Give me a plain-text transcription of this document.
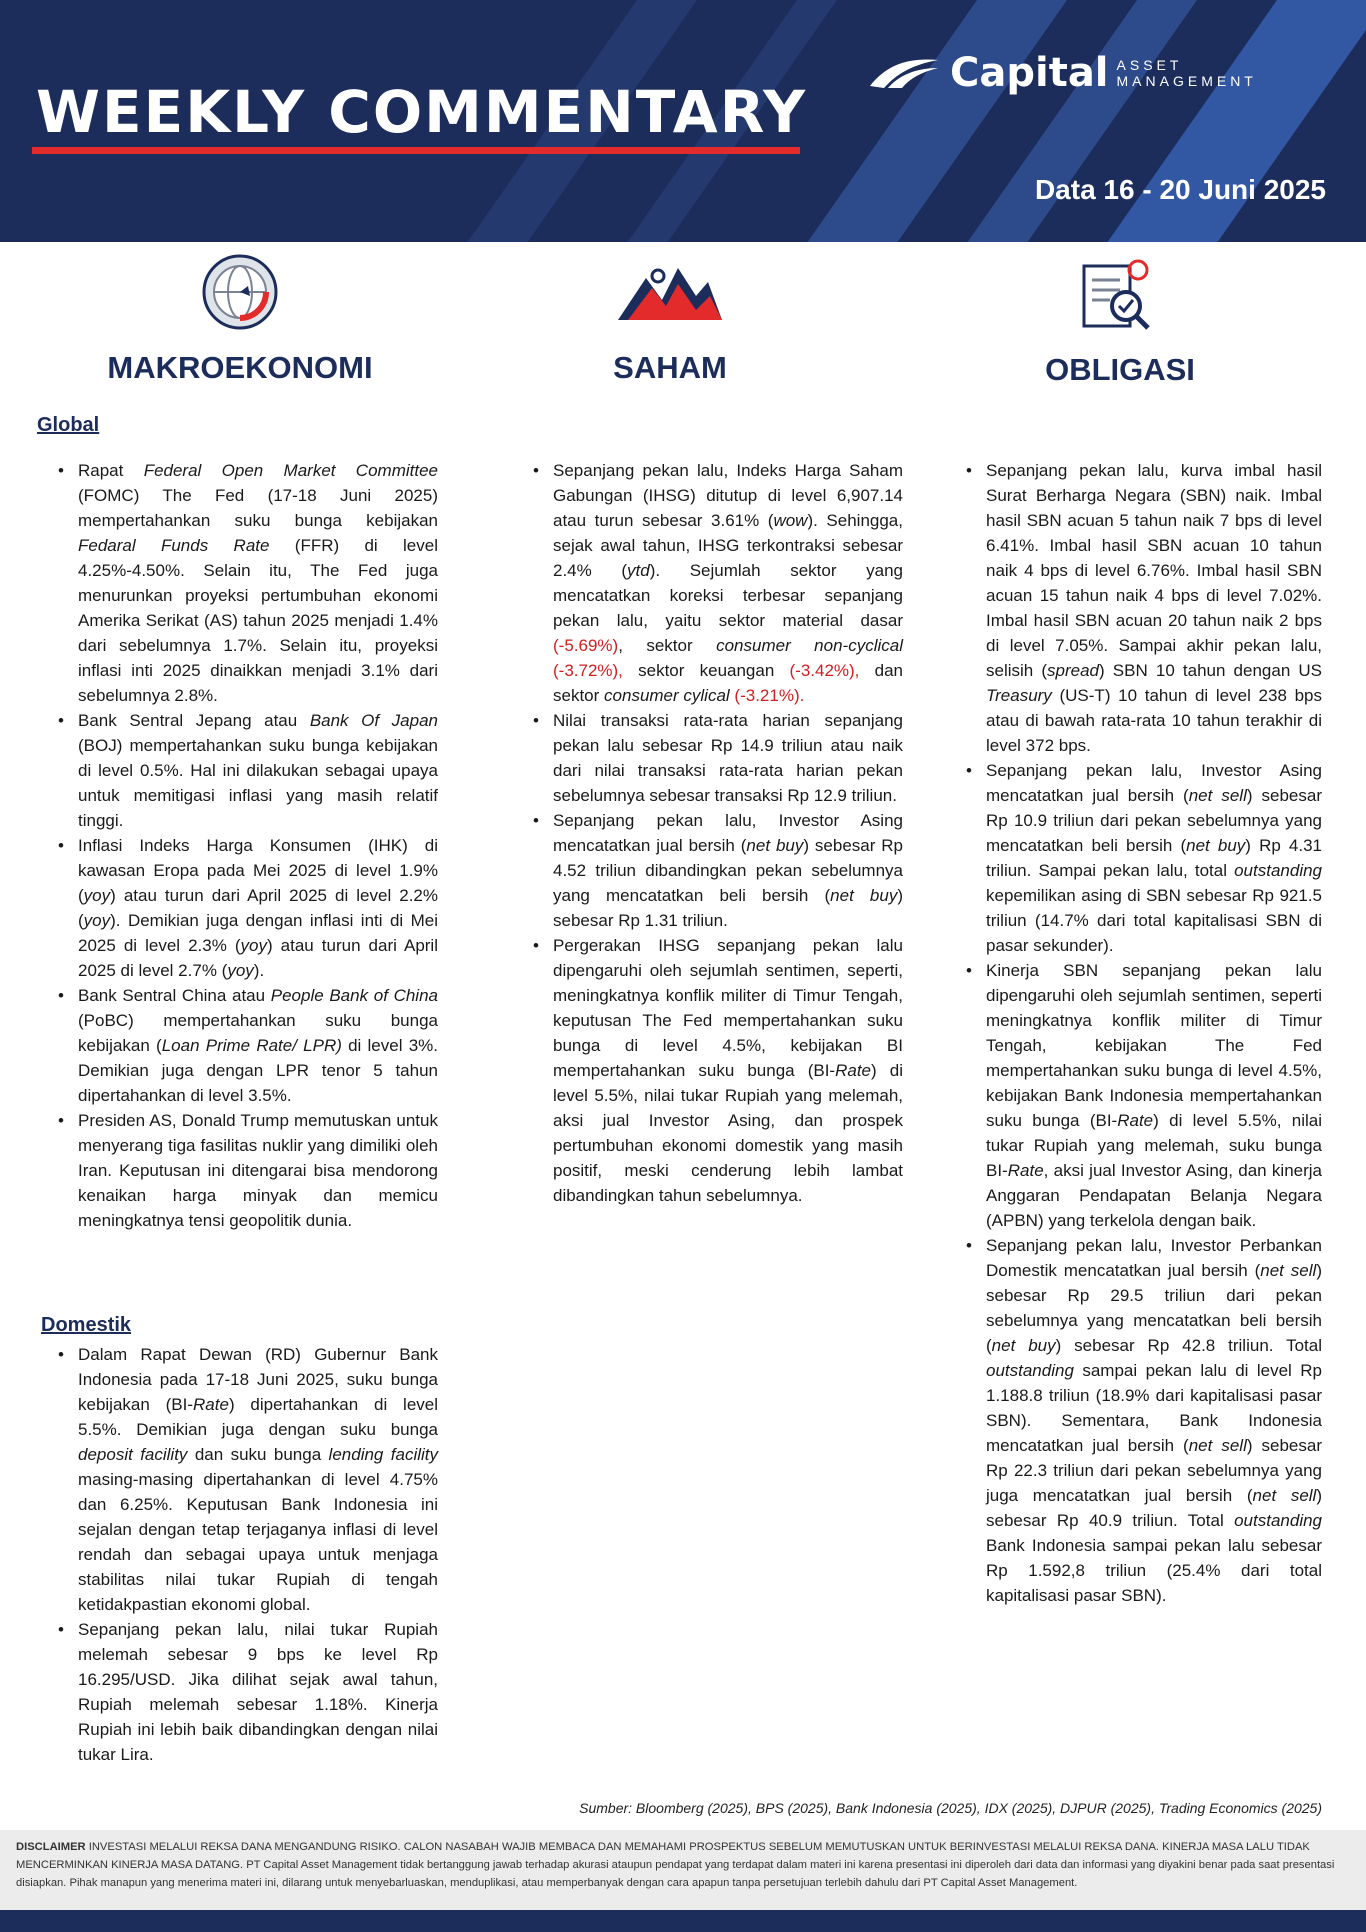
WEEKLY COMMENTARY
Capital ASSET
MANAGEMENT
Data 16 - 20 Juni 2025
MAKROEKONOMI	SAHAM	OBLIGASI
Global
• Rapat Federal Open Market Committee (FOMC) The Fed (17-18 Juni 2025) mempertahankan suku bunga kebijakan Fedaral Funds Rate (FFR) di level 4.25%-4.50%. Selain itu, The Fed juga menurunkan proyeksi pertumbuhan ekonomi Amerika Serikat (AS) tahun 2025 menjadi 1.4% dari sebelumnya 1.7%. Selain itu, proyeksi inflasi inti 2025 dinaikkan menjadi 3.1% dari sebelumnya 2.8%.
• Bank Sentral Jepang atau Bank Of Japan (BOJ) mempertahankan suku bunga kebijakan di level 0.5%. Hal ini dilakukan sebagai upaya untuk memitigasi inflasi yang masih relatif tinggi.
• Inflasi Indeks Harga Konsumen (IHK) di kawasan Eropa pada Mei 2025 di level 1.9% (yoy) atau turun dari April 2025 di level 2.2% (yoy). Demikian juga dengan inflasi inti di Mei 2025 di level 2.3% (yoy) atau turun dari April 2025 di level 2.7% (yoy).
• Bank Sentral China atau People Bank of China (PoBC) mempertahankan suku bunga kebijakan (Loan Prime Rate/ LPR) di level 3%. Demikian juga dengan LPR tenor 5 tahun dipertahankan di level 3.5%.
• Presiden AS, Donald Trump memutuskan untuk menyerang tiga fasilitas nuklir yang dimiliki oleh Iran. Keputusan ini ditengarai bisa mendorong kenaikan harga minyak dan memicu meningkatnya tensi geopolitik dunia.
Domestik
• Dalam Rapat Dewan (RD) Gubernur Bank Indonesia pada 17-18 Juni 2025, suku bunga kebijakan (BI-Rate) dipertahankan di level 5.5%. Demikian juga dengan suku bunga deposit facility dan suku bunga lending facility masing-masing dipertahankan di level 4.75% dan 6.25%. Keputusan Bank Indonesia ini sejalan dengan tetap terjaganya inflasi di level rendah dan sebagai upaya untuk menjaga stabilitas nilai tukar Rupiah di tengah ketidakpastian ekonomi global.
• Sepanjang pekan lalu, nilai tukar Rupiah melemah sebesar 9 bps ke level Rp 16.295/USD. Jika dilihat sejak awal tahun, Rupiah melemah sebesar 1.18%. Kinerja Rupiah ini lebih baik dibandingkan dengan nilai tukar Lira.
• Sepanjang pekan lalu, Indeks Harga Saham Gabungan (IHSG) ditutup di level 6,907.14 atau turun sebesar 3.61% (wow). Sehingga, sejak awal tahun, IHSG terkontraksi sebesar 2.4% (ytd). Sejumlah sektor yang mencatatkan koreksi terbesar sepanjang pekan lalu, yaitu sektor material dasar (-5.69%), sektor consumer non-cyclical (-3.72%), sektor keuangan (-3.42%), dan sektor consumer cylical (-3.21%).
• Nilai transaksi rata-rata harian sepanjang pekan lalu sebesar Rp 14.9 triliun atau naik dari nilai transaksi rata-rata harian pekan sebelumnya sebesar transaksi Rp 12.9 triliun.
• Sepanjang pekan lalu, Investor Asing mencatatkan jual bersih (net buy) sebesar Rp 4.52 triliun dibandingkan pekan sebelumnya yang mencatatkan beli bersih (net buy) sebesar Rp 1.31 triliun.
• Pergerakan IHSG sepanjang pekan lalu dipengaruhi oleh sejumlah sentimen, seperti, meningkatnya konflik militer di Timur Tengah, keputusan The Fed mempertahankan suku bunga di level 4.5%, kebijakan BI mempertahankan suku bunga (BI-Rate) di level 5.5%, nilai tukar Rupiah yang melemah, aksi jual Investor Asing, dan prospek pertumbuhan ekonomi domestik yang masih positif, meski cenderung lebih lambat dibandingkan tahun sebelumnya.
• Sepanjang pekan lalu, kurva imbal hasil Surat Berharga Negara (SBN) naik. Imbal hasil SBN acuan 5 tahun naik 7 bps di level 6.41%. Imbal hasil SBN acuan 10 tahun naik 4 bps di level 6.76%. Imbal hasil SBN acuan 15 tahun naik 4 bps di level 7.02%. Imbal hasil SBN acuan 20 tahun naik 2 bps di level 7.05%. Sampai akhir pekan lalu, selisih (spread) SBN 10 tahun dengan US Treasury (US-T) 10 tahun di level 238 bps atau di bawah rata-rata 10 tahun terakhir di level 372 bps.
• Sepanjang pekan lalu, Investor Asing mencatatkan jual bersih (net sell) sebesar Rp 10.9 triliun dari pekan sebelumnya yang mencatatkan beli bersih (net buy) Rp 4.31 triliun. Sampai pekan lalu, total outstanding kepemilikan asing di SBN sebesar Rp 921.5 triliun (14.7% dari total kapitalisasi SBN di pasar sekunder).
• Kinerja SBN sepanjang pekan lalu dipengaruhi oleh sejumlah sentimen, seperti meningkatnya konflik militer di Timur Tengah, kebijakan The Fed mempertahankan suku bunga di level 4.5%, kebijakan Bank Indonesia mempertahankan suku bunga (BI-Rate) di level 5.5%, nilai tukar Rupiah yang melemah, suku bunga BI-Rate, aksi jual Investor Asing, dan kinerja Anggaran Pendapatan Belanja Negara (APBN) yang terkelola dengan baik.
• Sepanjang pekan lalu, Investor Perbankan Domestik mencatatkan jual bersih (net sell) sebesar Rp 29.5 triliun dari pekan sebelumnya yang mencatatkan beli bersih (net buy) sebesar Rp 42.8 triliun. Total outstanding sampai pekan lalu di level Rp 1.188.8 triliun (18.9% dari kapitalisasi pasar SBN). Sementara, Bank Indonesia mencatatkan jual bersih (net sell) sebesar Rp 22.3 triliun dari pekan sebelumnya yang juga mencatatkan jual bersih (net sell) sebesar Rp 40.9 triliun. Total outstanding Bank Indonesia sampai pekan lalu sebesar Rp 1.592,8 triliun (25.4% dari total kapitalisasi pasar SBN).
Sumber: Bloomberg (2025), BPS (2025), Bank Indonesia (2025), IDX (2025), DJPUR (2025), Trading Economics (2025)
DISCLAIMER INVESTASI MELALUI REKSA DANA MENGANDUNG RISIKO. CALON NASABAH WAJIB MEMBACA DAN MEMAHAMI PROSPEKTUS SEBELUM MEMUTUSKAN UNTUK BERINVESTASI MELALUI REKSA DANA. KINERJA MASA LALU TIDAK MENCERMINKAN KINERJA MASA DATANG. PT Capital Asset Management tidak bertanggung jawab terhadap akurasi ataupun pendapat yang terdapat dalam materi ini karena presentasi ini diperoleh dari data dan informasi yang diyakini benar pada saat presentasi disiapkan. Pihak manapun yang menerima materi ini, dilarang untuk menyebarluaskan, menduplikasi, atau memperbanyak dengan cara apapun tanpa persetujuan terlebih dahulu dari PT Capital Asset Management.
